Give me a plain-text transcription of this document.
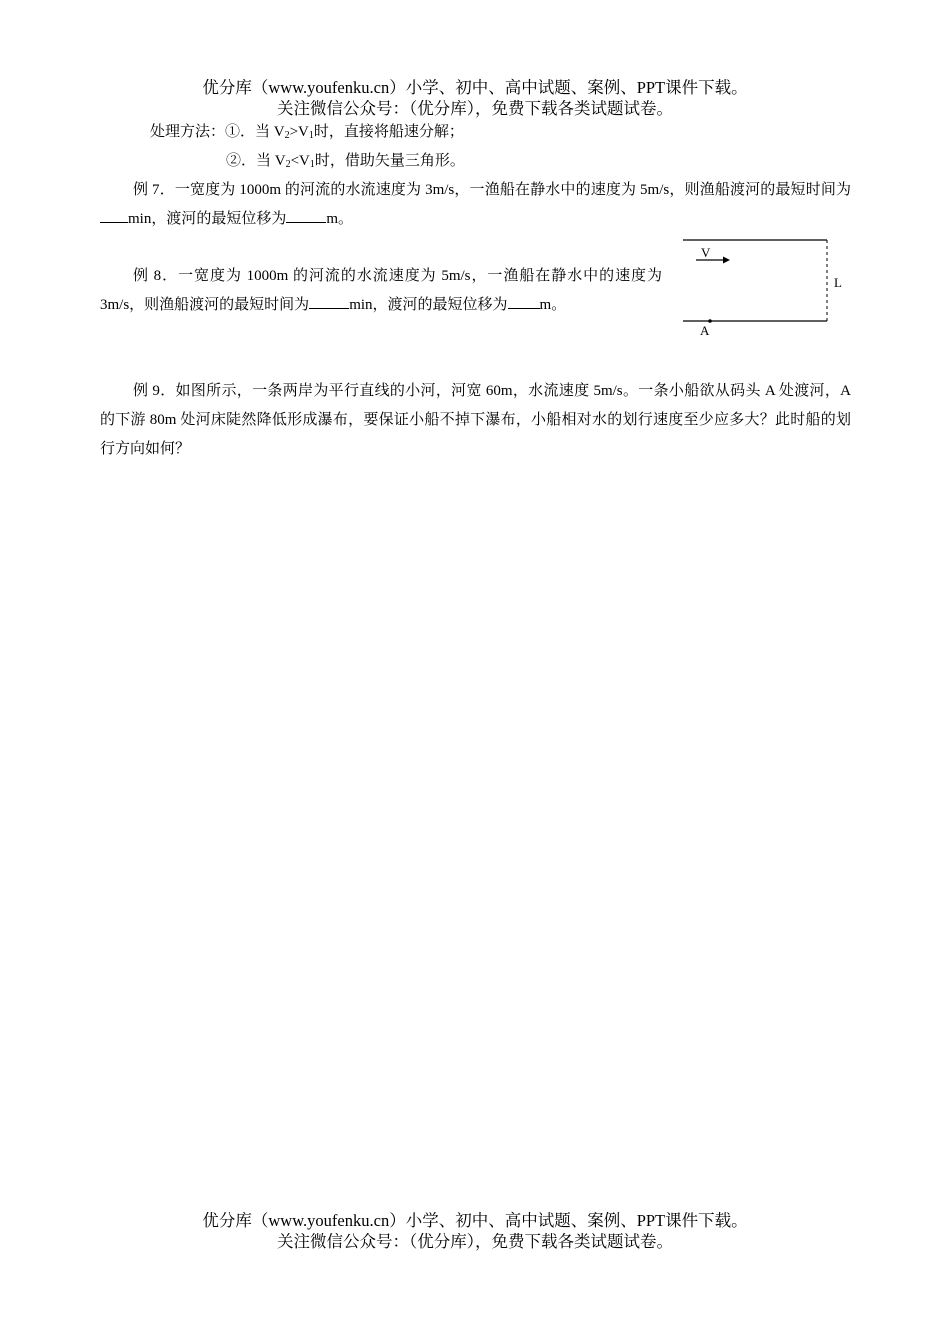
优分库（www.youfenku.cn）小学、初中、高中试题、案例、PPT课件下载。
关注微信公众号：（优分库），免费下载各类试题试卷。
处理方法：①．当 $V_2>V_1$时，直接将船速分解；
②．当 $V_2<V_1$时，借助矢量三角形。
例 7．一宽度为 1000m 的河流的水流速度为 3m/s，一渔船在静水中的速度为 5m/s，则渔船渡河的最短时间为min，渡河的最短位移为	m。
例 8．一宽度为 1000m 的河流的水流速度为 5m/s，一渔船在静水中的速度为 3m/s，则渔船渡河的最短时间为	min，渡河的最短位移为 m。
V
L
A
例 9．如图所示，一条两岸为平行直线的小河，河宽 60m，水流速度 5m/s。一条小船欲从码头 A 处渡河，A 的下游 80m 处河床陡然降低形成瀑布，要保证小船不掉下瀑布，小船相对水的划行速度至少应多大？此时船的划行方向如何？
优分库（www.youfenku.cn）小学、初中、高中试题、案例、PPT课件下载。
关注微信公众号：（优分库），免费下载各类试题试卷。
